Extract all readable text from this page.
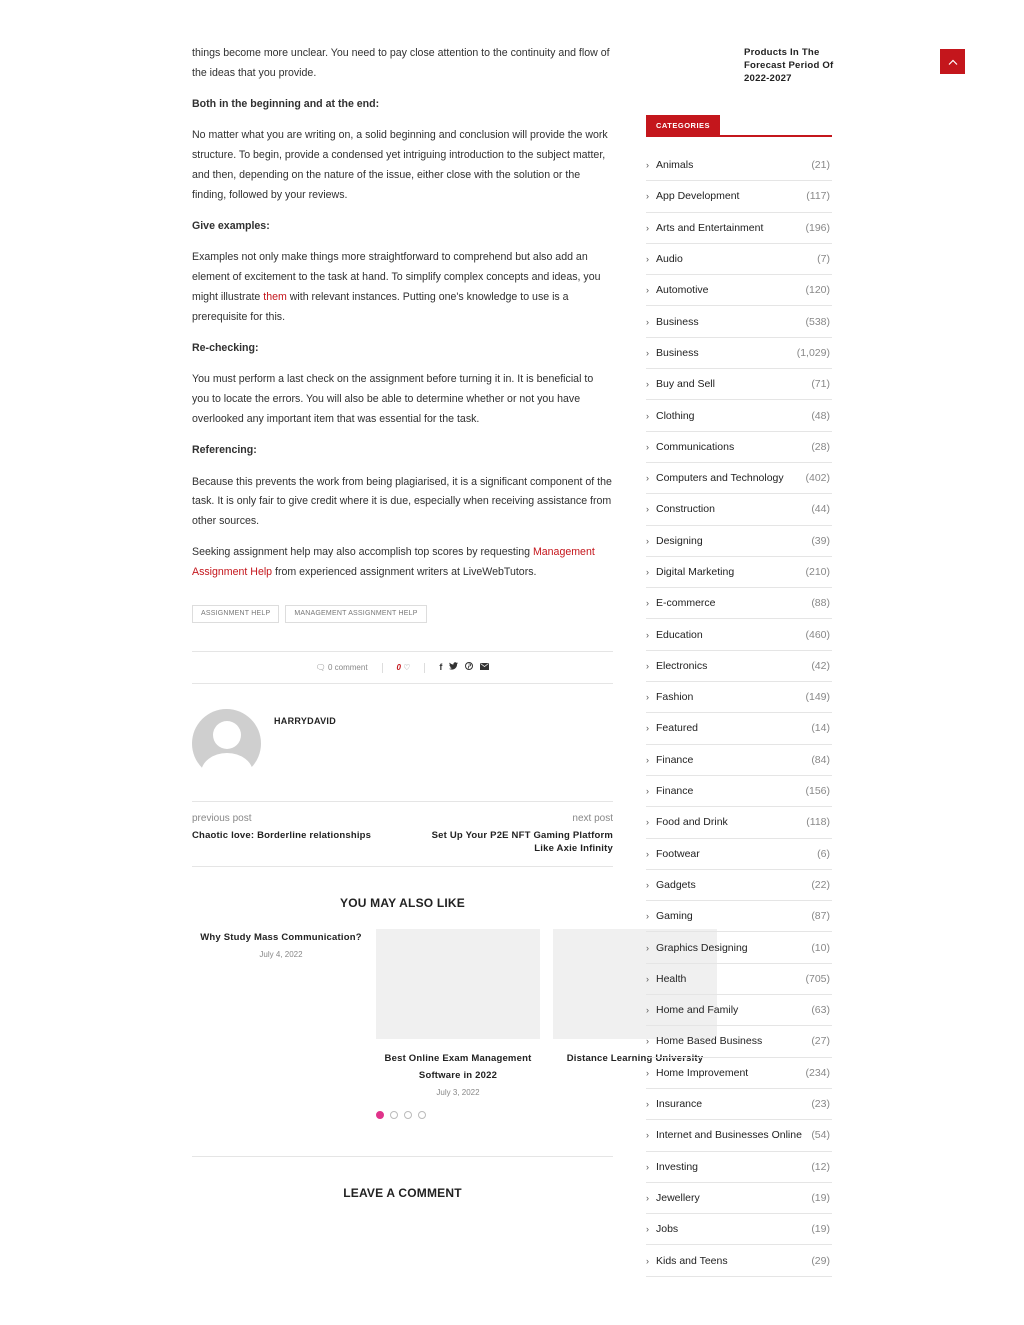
things become more unclear. You need to pay close attention to the continuity and flow of the ideas that you provide.

Both in the beginning and at the end:

No matter what you are writing on, a solid beginning and conclusion will provide the work structure. To begin, provide a condensed yet intriguing introduction to the subject matter, and then, depending on the nature of the issue, either close with the solution or the finding, followed by your reviews.

Give examples:

Examples not only make things more straightforward to comprehend but also add an element of excitement to the task at hand. To simplify complex concepts and ideas, you might illustrate them with relevant instances. Putting one's knowledge to use is a prerequisite for this.

Re-checking:

You must perform a last check on the assignment before turning it in. It is beneficial to you to locate the errors. You will also be able to determine whether or not you have overlooked any important item that was essential for the task.

Referencing:

Because this prevents the work from being plagiarised, it is a significant component of the task. It is only fair to give credit where it is due, especially when receiving assistance from other sources.

Seeking assignment help may also accomplish top scores by requesting Management Assignment Help from experienced assignment writers at LiveWebTutors.

ASSIGNMENT HELP	MANAGEMENT ASSIGNMENT HELP
🗨︎ 0 comment	0 ♡	f
HARRYDAVID
previous post
Chaotic love: Borderline relationships
next post
Set Up Your P2E NFT Gaming Platform Like Axie Infinity
YOU MAY ALSO LIKE
Why Study Mass Communication?
July 4, 2022
Best Online Exam Management Software in 2022
July 3, 2022
Distance Learning University
LEAVE A COMMENT
Products In The Forecast Period Of 2022-2027
CATEGORIES
› Animals	(21)
› App Development	(117)
› Arts and Entertainment	(196)
› Audio	(7)
› Automotive	(120)
› Business	(538)
› Business	(1,029)
› Buy and Sell	(71)
› Clothing	(48)
› Communications	(28)
› Computers and Technology	(402)
› Construction	(44)
› Designing	(39)
› Digital Marketing	(210)
› E-commerce	(88)
› Education	(460)
› Electronics	(42)
› Fashion	(149)
› Featured	(14)
› Finance	(84)
› Finance	(156)
› Food and Drink	(118)
› Footwear	(6)
› Gadgets	(22)
› Gaming	(87)
› Graphics Designing	(10)
› Health	(705)
› Home and Family	(63)
› Home Based Business	(27)
› Home Improvement	(234)
› Insurance	(23)
› Internet and Businesses Online (54)
› Investing	(12)
› Jewellery	(19)
› Jobs	(19)
› Kids and Teens	(29)
